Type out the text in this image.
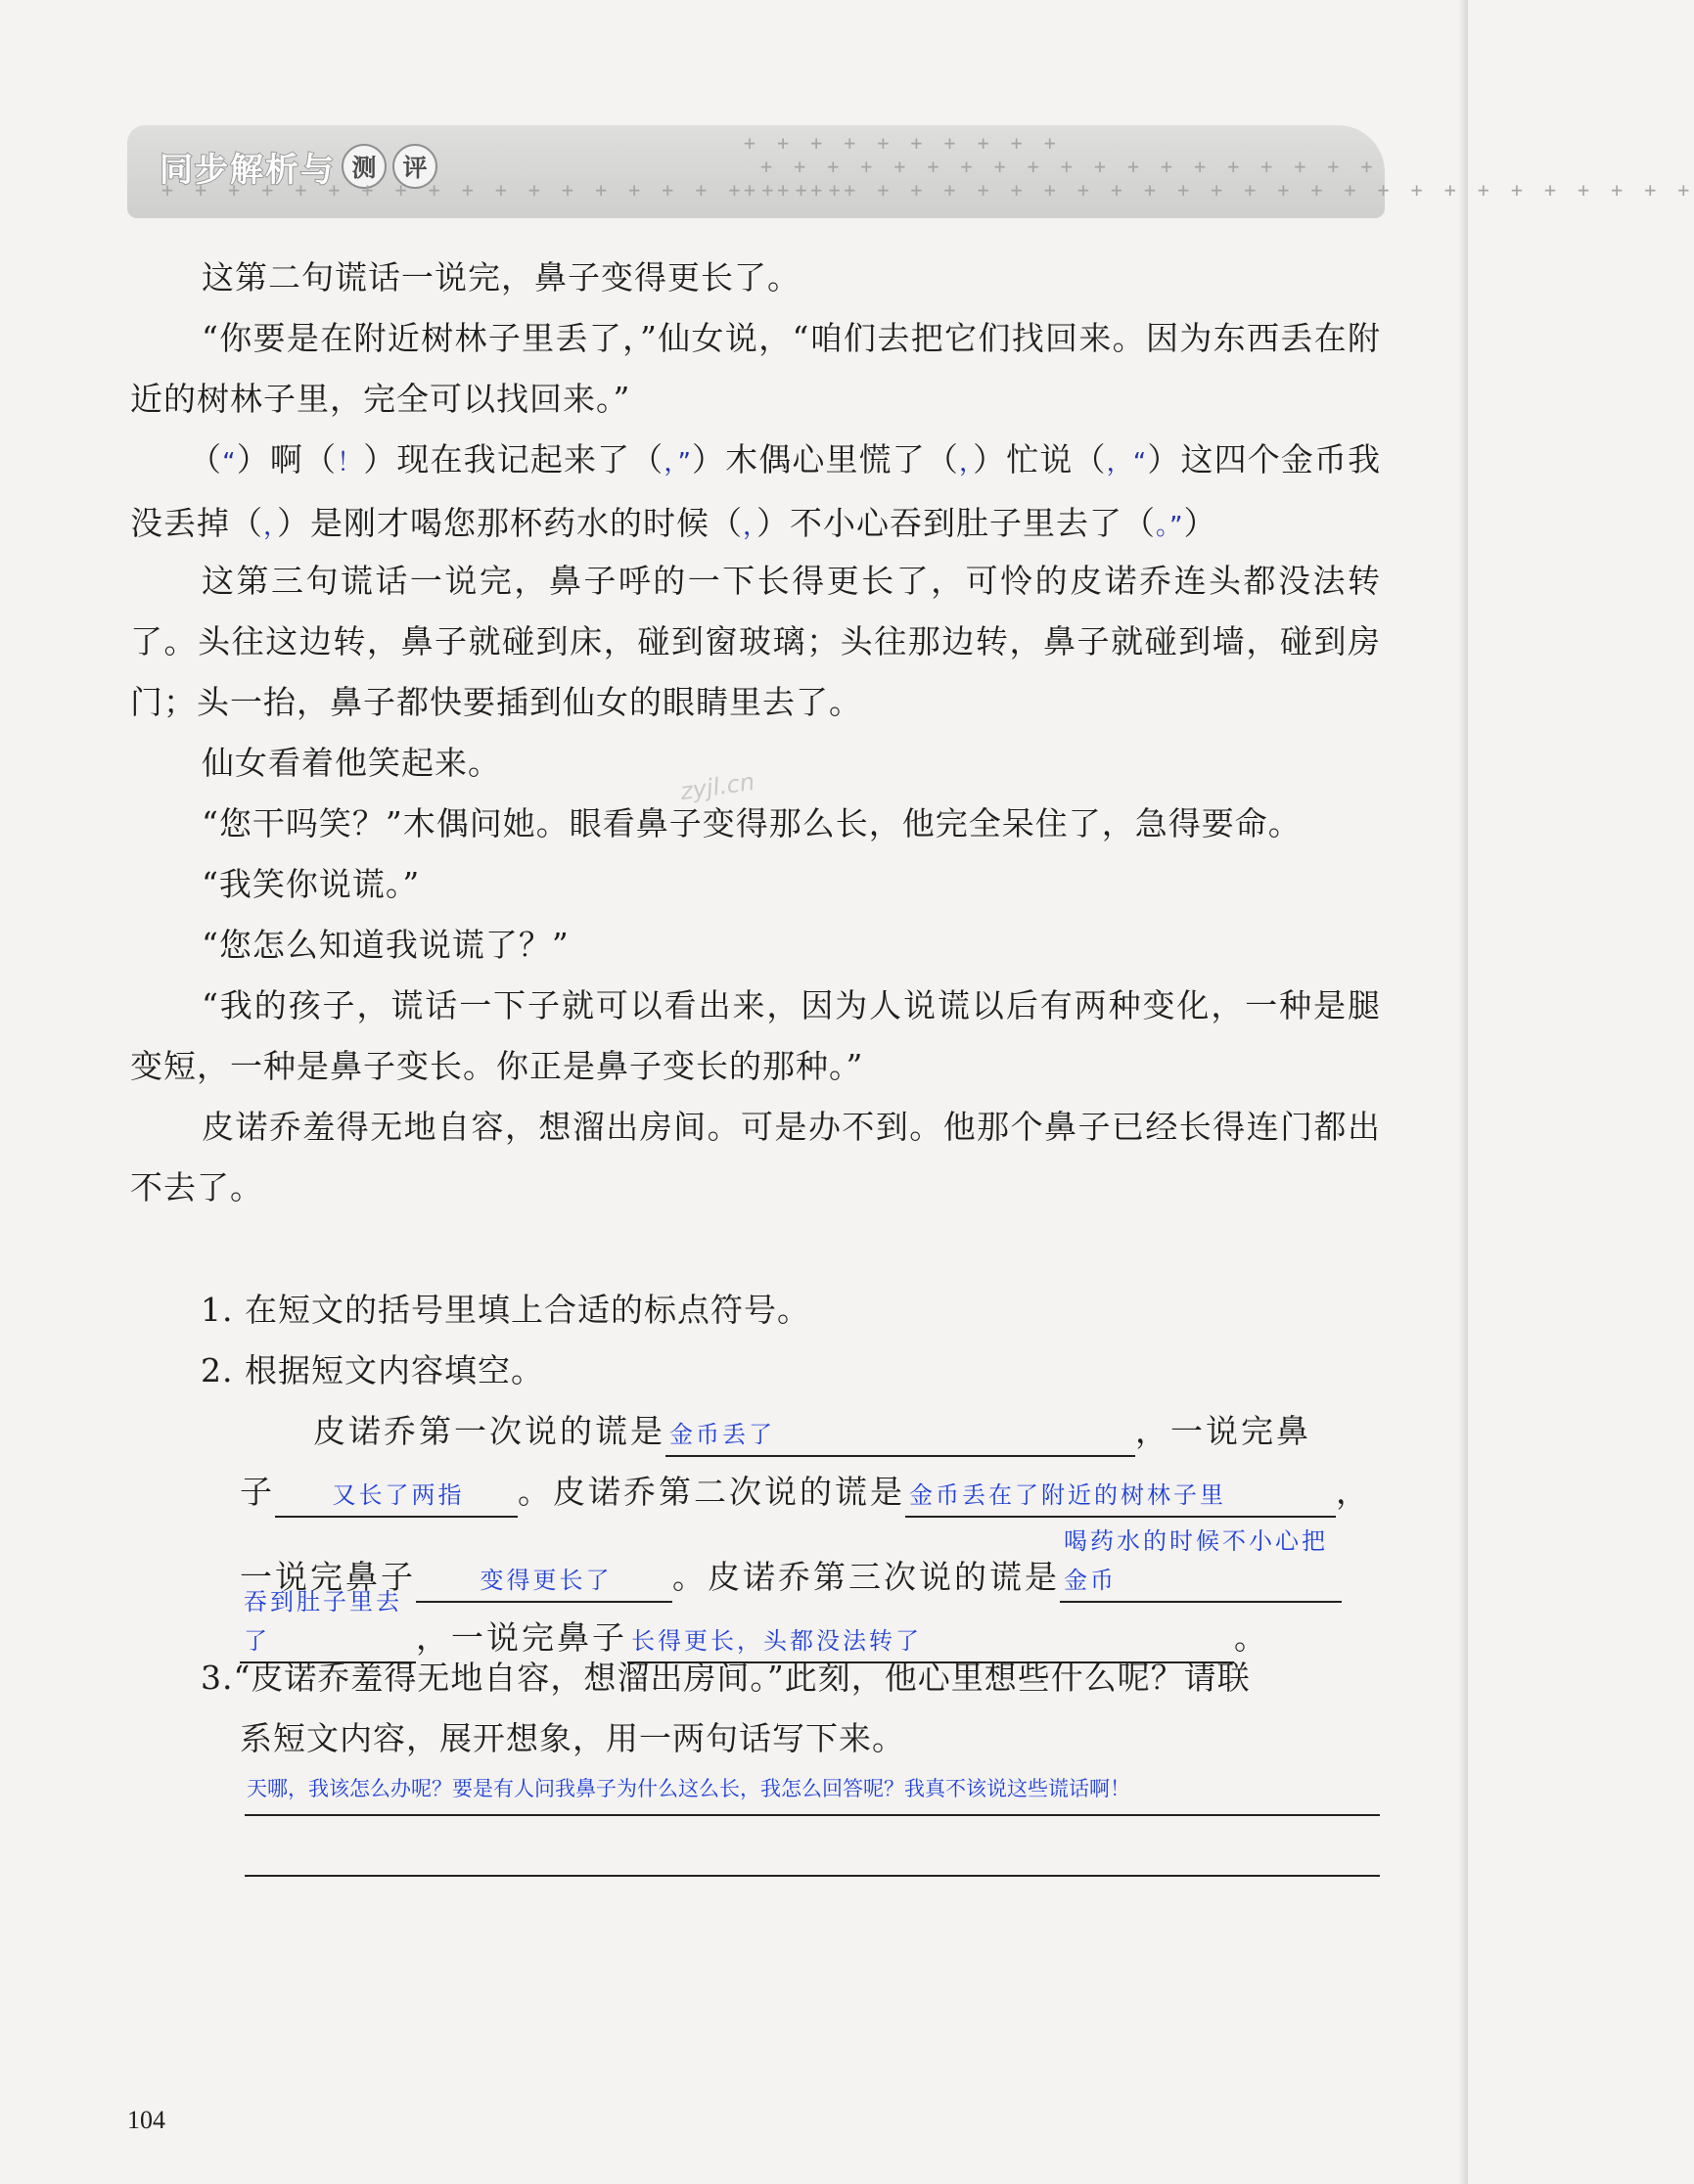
同步解析与 测	评
+ + + + + + + + + +
+ + + + + + + + + + + + + + + + + + +
+ + + + + + + + + + + + + + + + + + + + + + + + + + + + +
+ + + + + + + + + + + + + + + + + + + + +

这第二句谎话一说完，鼻子变得更长了。

“你要是在附近树林子里丢了，”仙女说，“咱们去把它们找回来。因为东西丢在附近的树林子里，完全可以找回来。”

（“）啊（！）现在我记起来了（，”）木偶心里慌了（，）忙说（，“）这四个金币我没丢掉（，）是刚才喝您那杯药水的时候（，）不小心吞到肚子里去了（。”）

这第三句谎话一说完，鼻子呼的一下长得更长了，可怜的皮诺乔连头都没法转了。头往这边转，鼻子就碰到床，碰到窗玻璃；头往那边转，鼻子就碰到墙，碰到房门；头一抬，鼻子都快要插到仙女的眼睛里去了。

仙女看着他笑起来。

“您干吗笑？”木偶问她。眼看鼻子变得那么长，他完全呆住了，急得要命。

“我笑你说谎。”

“您怎么知道我说谎了？”

“我的孩子，谎话一下子就可以看出来，因为人说谎以后有两种变化，一种是腿变短，一种是鼻子变长。你正是鼻子变长的那种。”

皮诺乔羞得无地自容，想溜出房间。可是办不到。他那个鼻子已经长得连门都出不去了。

zyjl.cn

1. 在短文的括号里填上合适的标点符号。

2. 根据短文内容填空。

皮诺乔第一次说的谎是 金币丢了	，一说完鼻

子 又长了两指 。皮诺乔第二次说的谎是 金币丢在了附近的树林子里	，

一说完鼻子	变得更长了 。皮诺乔第三次说的谎是喝药水的时候不小心把金币

吞到肚子里去了	，一说完鼻子 长得更长，头都没法转了	。

3.“皮诺乔羞得无地自容，想溜出房间。”此刻，他心里想些什么呢？请联

系短文内容，展开想象，用一两句话写下来。

天哪，我该怎么办呢？要是有人问我鼻子为什么这么长，我怎么回答呢？我真不该说这些谎话啊！
104
